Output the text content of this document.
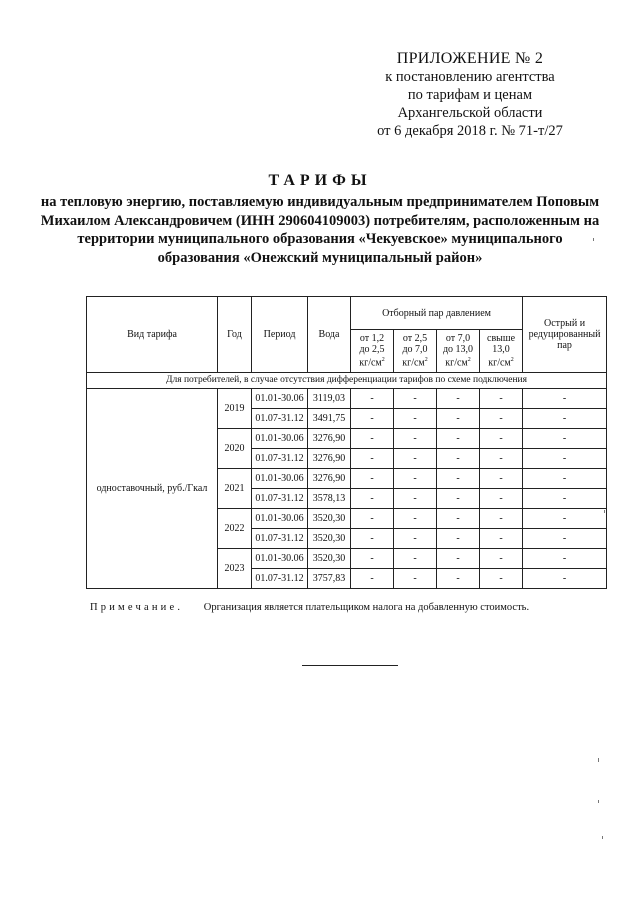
ПРИЛОЖЕНИЕ № 2
к постановлению агентства
по тарифам и ценам
Архангельской области
от 6 декабря 2018 г. № 71-т/27
ТАРИФЫ
на тепловую энергию, поставляемую индивидуальным предпринимателем Поповым Михаилом Александровичем (ИНН 290604109003) потребителям, расположенным на территории муниципального образования «Чекуевское» муниципального образования «Онежский муниципальный район»
Вид тарифа	Год	Период	Вода	Отборный пар давлением				Острый и редуцированный пар
				от 1,2
до 2,5
$кг/см^2$	от 2,5
до 7,0
$кг/см^2$	от 7,0
до 13,0
$кг/см^2$	свыше
13,0
$кг/см^2$
Для потребителей, в случае отсутствия дифференциации тарифов по схеме подключения								
одноставочный, руб./Гкал	2019	01.01-30.06	3119,03	-	-	-	-	-
		01.07-31.12	3491,75	-	-	-	-	-
	2020	01.01-30.06	3276,90	-	-	-	-	-
		01.07-31.12	3276,90	-	-	-	-	-
	2021	01.01-30.06	3276,90	-	-	-	-	-
		01.07-31.12	3578,13	-	-	-	-	-
	2022	01.01-30.06	3520,30	-	-	-	-	-
		01.07-31.12	3520,30	-	-	-	-	-
	2023	01.01-30.06	3520,30	-	-	-	-	-
		01.07-31.12	3757,83	-	-	-	-	-
Примечание. Организация является плательщиком налога на добавленную стоимость.
